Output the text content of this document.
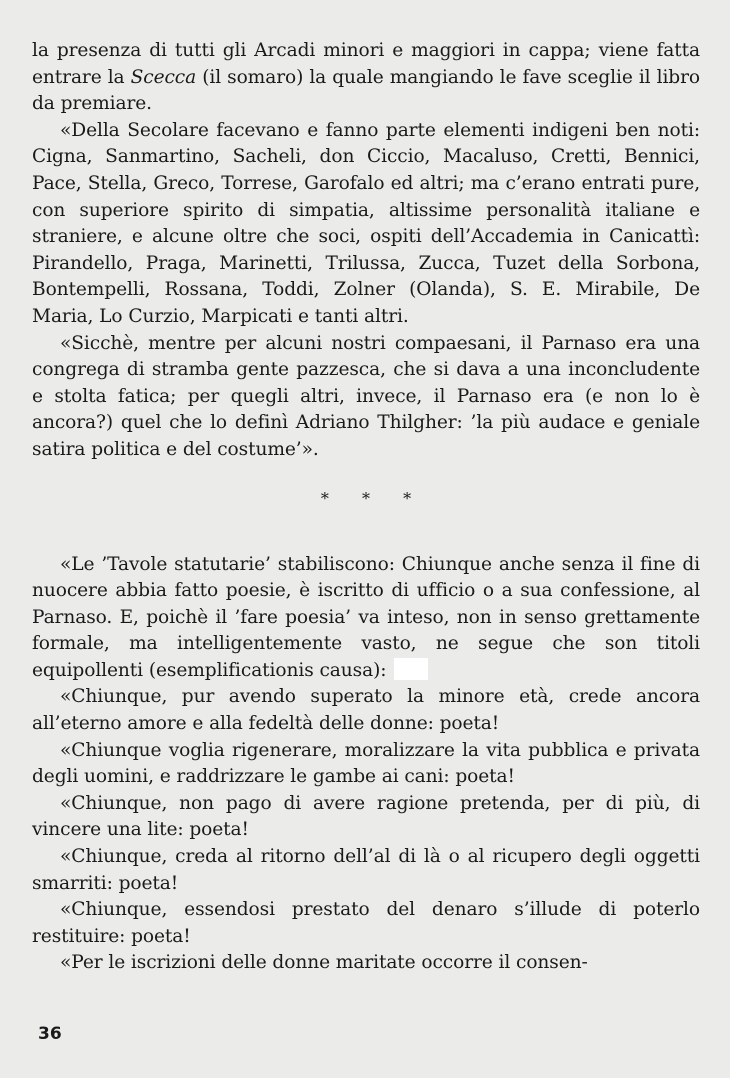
la presenza di tutti gli Arcadi minori e maggiori in cappa; viene fatta entrare la Scecca (il somaro) la quale mangiando le fave sceglie il libro da premiare.

«Della Secolare facevano e fanno parte elementi indigeni ben noti: Cigna, Sanmartino, Sacheli, don Ciccio, Macaluso, Cretti, Bennici, Pace, Stella, Greco, Torrese, Garofalo ed altri; ma c’erano entrati pure, con superiore spirito di simpatia, altissime personalità italiane e straniere, e alcune oltre che soci, ospiti dell’Accademia in Canicattì: Pirandello, Praga, Marinetti, Trilussa, Zucca, Tuzet della Sorbona, Bontempelli, Rossana, Toddi, Zolner (Olanda), S. E. Mirabile, De Maria, Lo Curzio, Marpicati e tanti altri.

«Sicchè, mentre per alcuni nostri compaesani, il Parnaso era una congrega di stramba gente pazzesca, che si dava a una inconcludente e stolta fatica; per quegli altri, invece, il Parnaso era (e non lo è ancora?) quel che lo definì Adriano Thilgher: ’la più audace e geniale satira politica e del costume’».

* * *

«Le ’Tavole statutarie’ stabiliscono: Chiunque anche senza il fine di nuocere abbia fatto poesie, è iscritto di ufficio o a sua confessione, al Parnaso. E, poichè il ’fare poesia’ va inteso, non in senso grettamente formale, ma intelligentemente vasto, ne segue che son titoli equipollenti (esemplificationis causa):

«Chiunque, pur avendo superato la minore età, crede ancora all’eterno amore e alla fedeltà delle donne: poeta!

«Chiunque voglia rigenerare, moralizzare la vita pubblica e privata degli uomini, e raddrizzare le gambe ai cani: poeta!

«Chiunque, non pago di avere ragione pretenda, per di più, di vincere una lite: poeta!

«Chiunque, creda al ritorno dell’al di là o al ricupero degli oggetti smarriti: poeta!

«Chiunque, essendosi prestato del denaro s’illude di poterlo restituire: poeta!

«Per le iscrizioni delle donne maritate occorre il consen-

36
